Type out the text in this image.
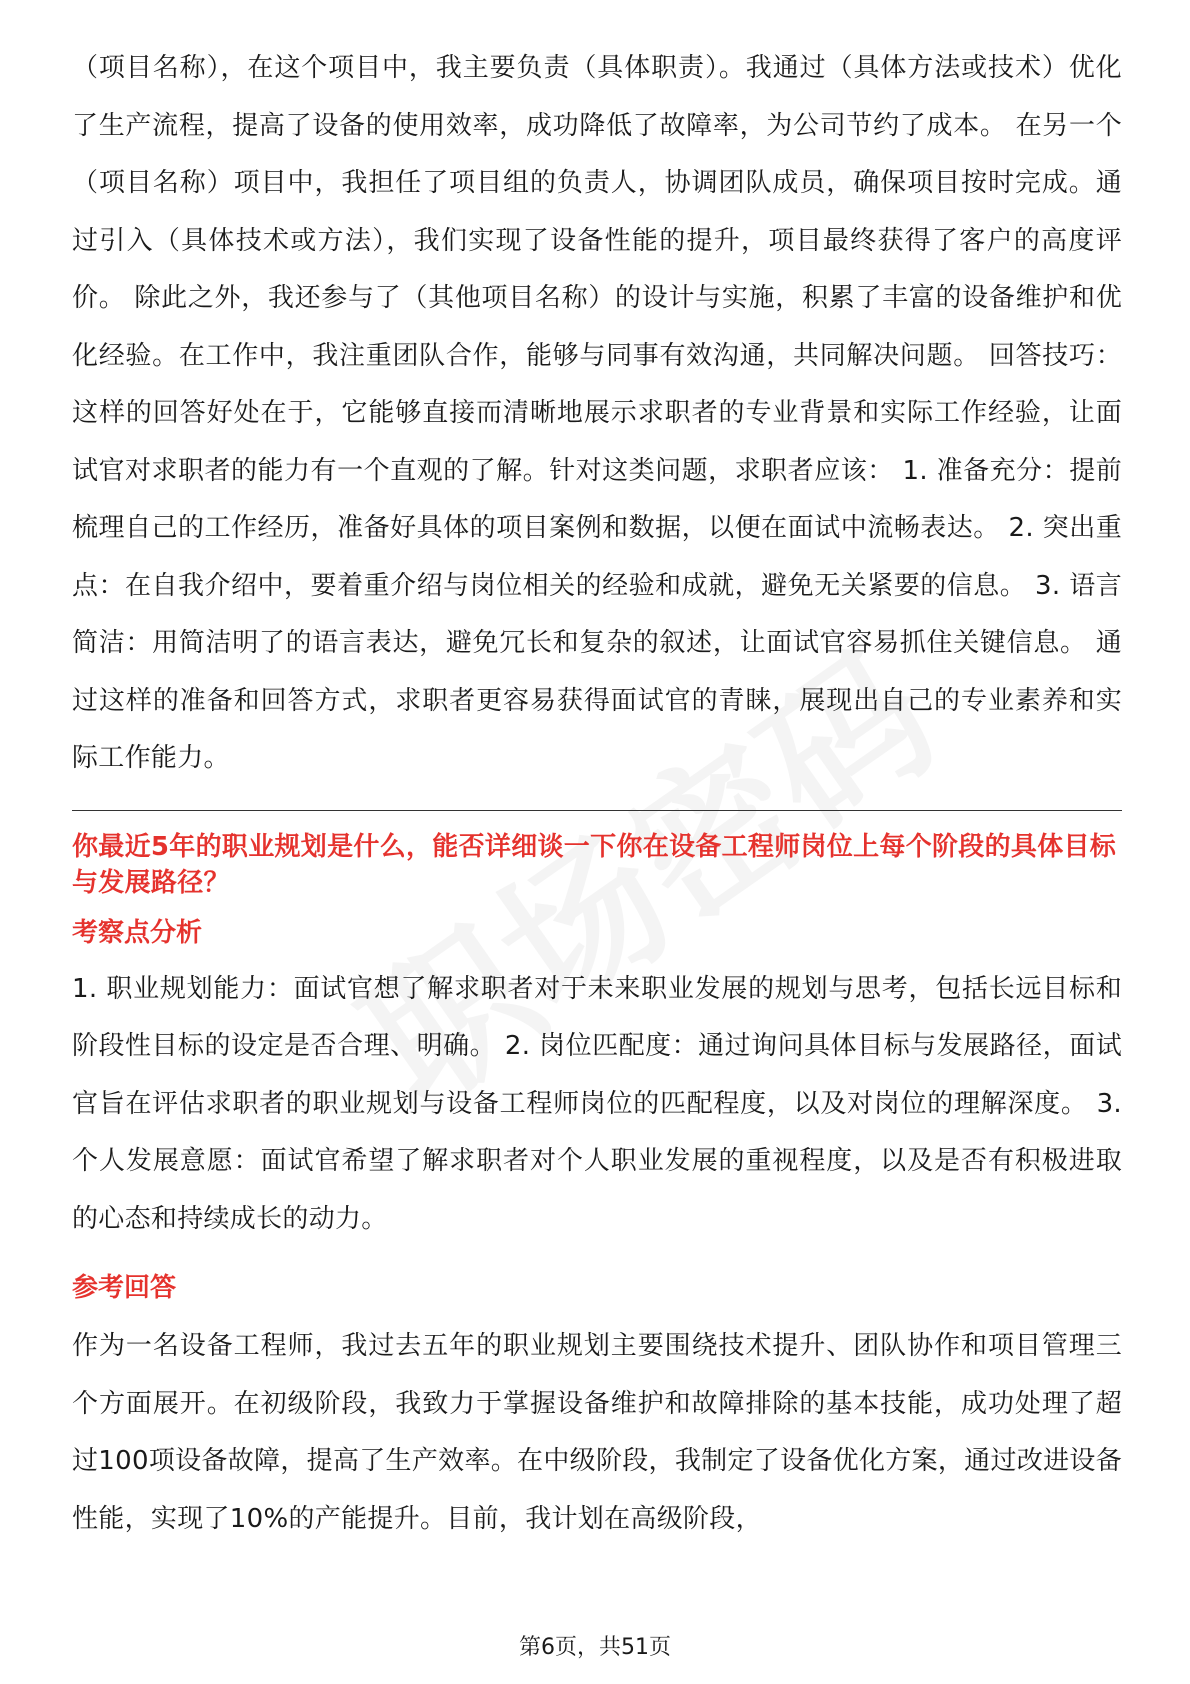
（项目名称），在这个项目中，我主要负责（具体职责）。我通过（具体方法或技术）优化了生产流程，提高了设备的使用效率，成功降低了故障率，为公司节约了成本。 在另一个（项目名称）项目中，我担任了项目组的负责人，协调团队成员，确保项目按时完成。通过引入（具体技术或方法），我们实现了设备性能的提升，项目最终获得了客户的高度评价。 除此之外，我还参与了（其他项目名称）的设计与实施，积累了丰富的设备维护和优化经验。在工作中，我注重团队合作，能够与同事有效沟通，共同解决问题。 回答技巧： 这样的回答好处在于，它能够直接而清晰地展示求职者的专业背景和实际工作经验，让面试官对求职者的能力有一个直观的了解。针对这类问题，求职者应该： 1. 准备充分：提前梳理自己的工作经历，准备好具体的项目案例和数据，以便在面试中流畅表达。 2. 突出重点：在自我介绍中，要着重介绍与岗位相关的经验和成就，避免无关紧要的信息。 3. 语言简洁：用简洁明了的语言表达，避免冗长和复杂的叙述，让面试官容易抓住关键信息。 通过这样的准备和回答方式，求职者更容易获得面试官的青睐，展现出自己的专业素养和实际工作能力。

你最近5年的职业规划是什么，能否详细谈一下你在设备工程师岗位上每个阶段的具体目标与发展路径？

考察点分析

1. 职业规划能力：面试官想了解求职者对于未来职业发展的规划与思考，包括长远目标和阶段性目标的设定是否合理、明确。 2. 岗位匹配度：通过询问具体目标与发展路径，面试官旨在评估求职者的职业规划与设备工程师岗位的匹配程度，以及对岗位的理解深度。 3. 个人发展意愿：面试官希望了解求职者对个人职业发展的重视程度，以及是否有积极进取的心态和持续成长的动力。

参考回答

作为一名设备工程师，我过去五年的职业规划主要围绕技术提升、团队协作和项目管理三个方面展开。在初级阶段，我致力于掌握设备维护和故障排除的基本技能，成功处理了超过100项设备故障，提高了生产效率。在中级阶段，我制定了设备优化方案，通过改进设备性能，实现了10%的产能提升。目前，我计划在高级阶段，

第6页，共51页
